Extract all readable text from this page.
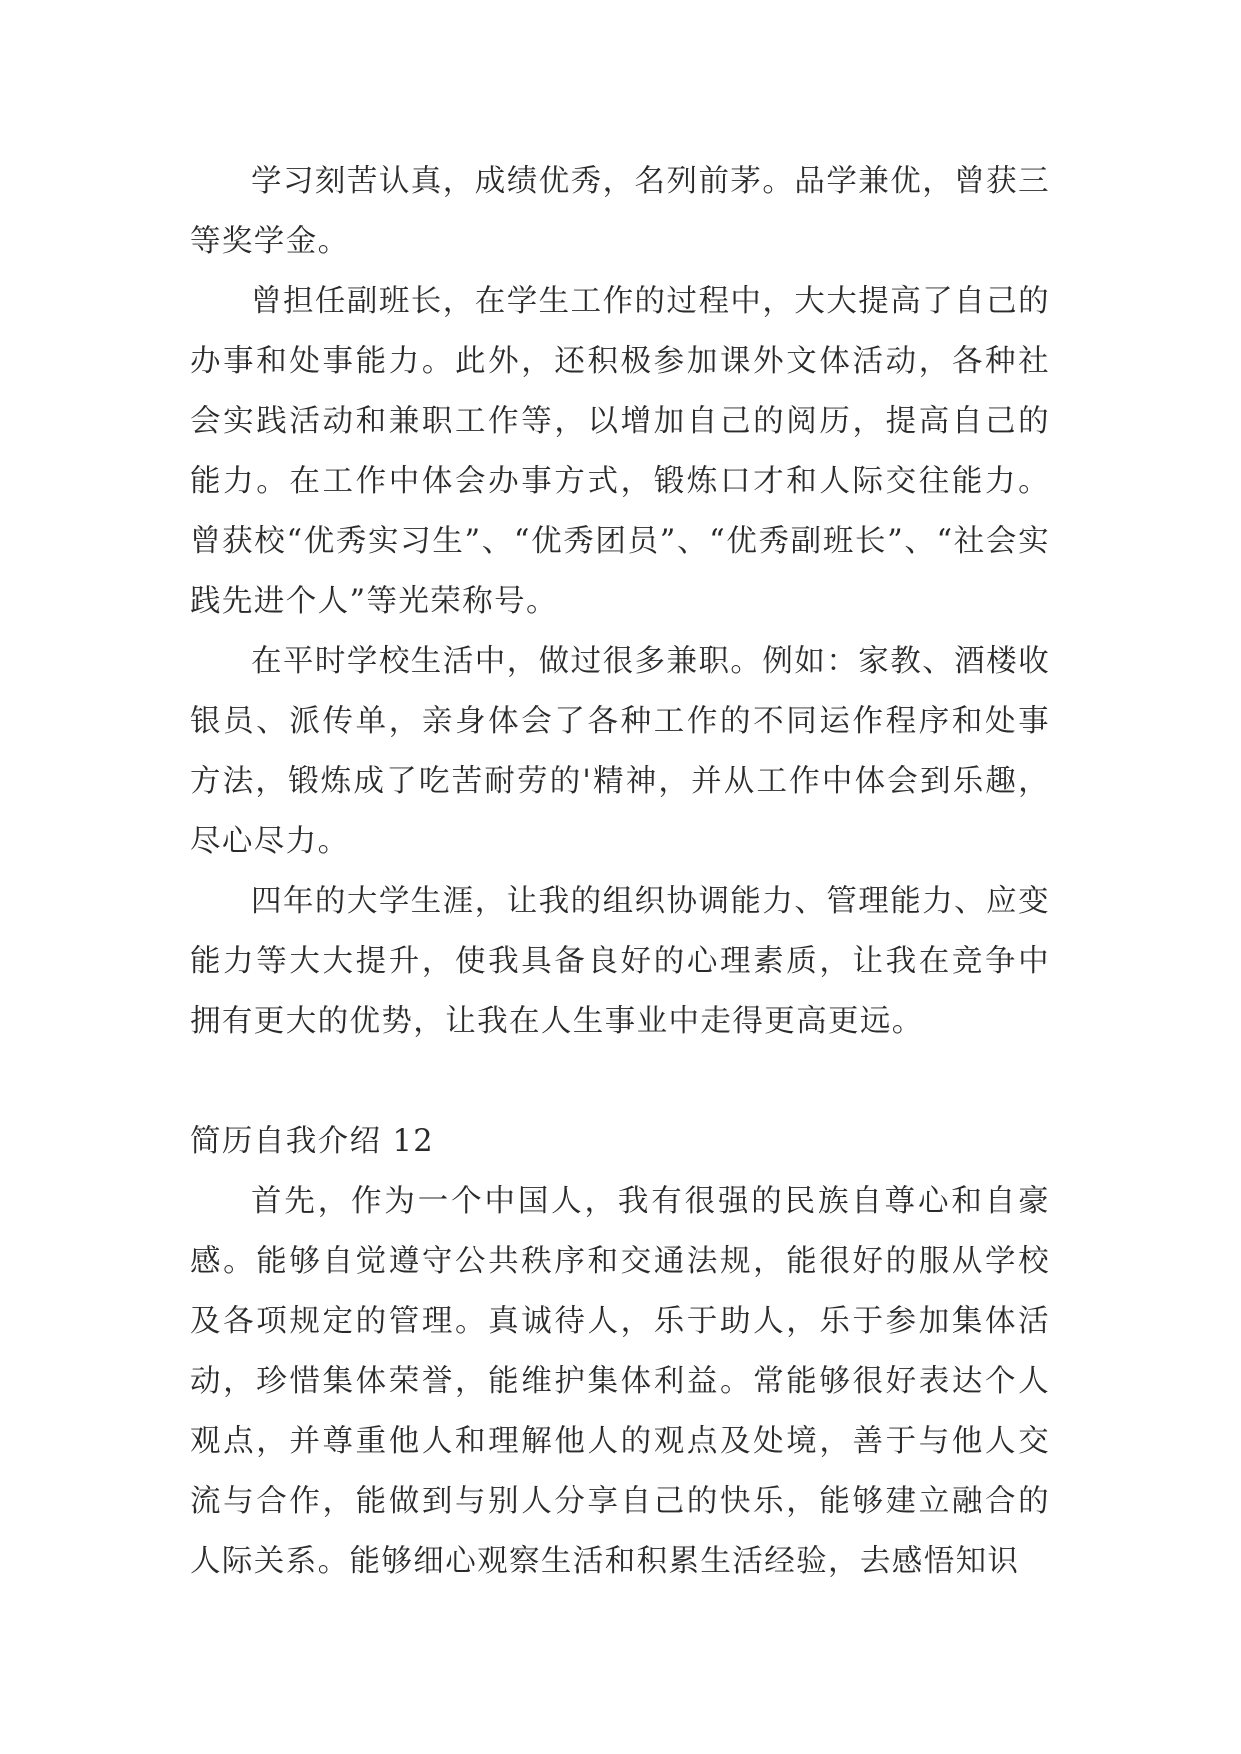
学习刻苦认真，成绩优秀，名列前茅。品学兼优，曾获三等奖学金。

曾担任副班长，在学生工作的过程中，大大提高了自己的办事和处事能力。此外，还积极参加课外文体活动，各种社会实践活动和兼职工作等，以增加自己的阅历，提高自己的能力。在工作中体会办事方式，锻炼口才和人际交往能力。曾获校“优秀实习生”、“优秀团员”、“优秀副班长”、“社会实践先进个人”等光荣称号。

在平时学校生活中，做过很多兼职。例如：家教、酒楼收银员、派传单，亲身体会了各种工作的不同运作程序和处事方法，锻炼成了吃苦耐劳的'精神，并从工作中体会到乐趣，尽心尽力。

四年的大学生涯，让我的组织协调能力、管理能力、应变能力等大大提升，使我具备良好的心理素质，让我在竞争中拥有更大的优势，让我在人生事业中走得更高更远。

简历自我介绍 12

首先，作为一个中国人，我有很强的民族自尊心和自豪感。能够自觉遵守公共秩序和交通法规，能很好的服从学校及各项规定的管理。真诚待人，乐于助人，乐于参加集体活动，珍惜集体荣誉，能维护集体利益。常能够很好表达个人观点，并尊重他人和理解他人的观点及处境，善于与他人交流与合作，能做到与别人分享自己的快乐，能够建立融合的人际关系。能够细心观察生活和积累生活经验，去感悟知识
